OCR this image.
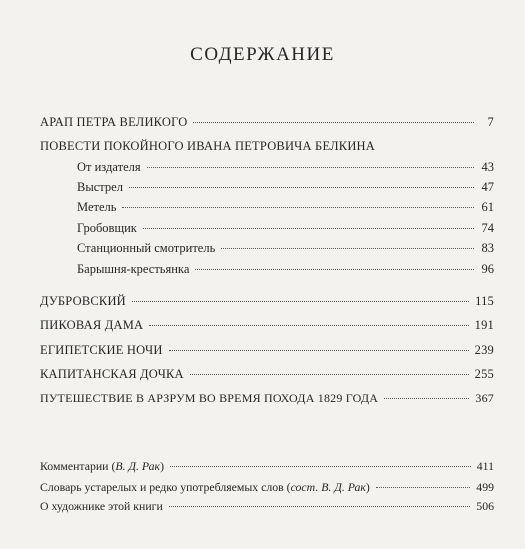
СОДЕРЖАНИЕ
АРАП ПЕТРА ВЕЛИКОГО	7
ПОВЕСТИ ПОКОЙНОГО ИВАНА ПЕТРОВИЧА БЕЛКИНА
От издателя	43
Выстрел	47
Метель	61
Гробовщик	74
Станционный смотритель	83
Барышня-крестьянка	96
ДУБРОВСКИЙ	115
ПИКОВАЯ ДАМА	191
ЕГИПЕТСКИЕ НОЧИ	239
КАПИТАНСКАЯ ДОЧКА	255
ПУТЕШЕСТВИЕ В АРЗРУМ ВО ВРЕМЯ ПОХОДА 1829 ГОДА	367
Комментарии (В. Д. Рак)	411
Словарь устарелых и редко употребляемых слов (сост. В. Д. Рак)	499
О художнике этой книги	506
